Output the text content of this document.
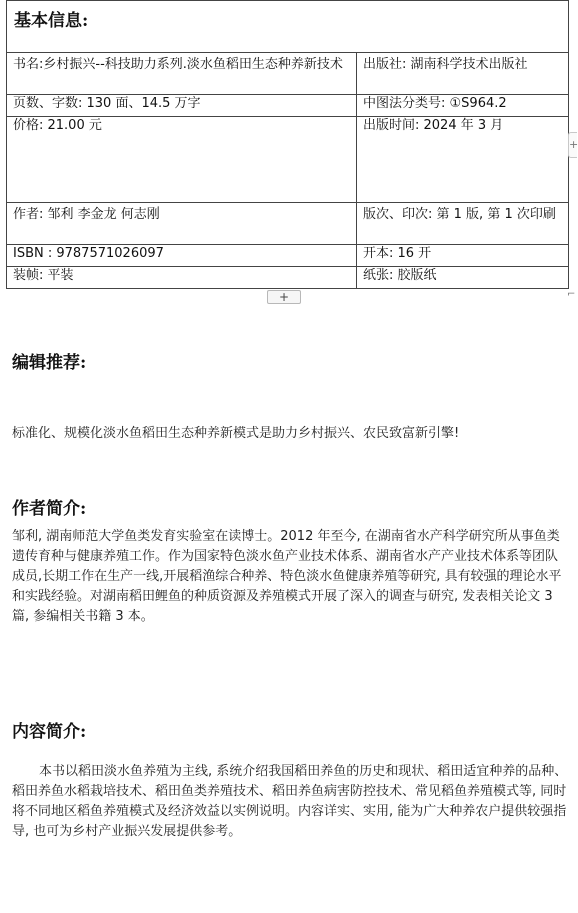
基本信息:	
书名:乡村振兴--科技助力系列.淡水鱼稻田生态种养新技术	出版社: 湖南科学技术出版社
页数、字数: 130 面、14.5 万字	中图法分类号: ①S964.2
价格: 21.00 元	出版时间: 2024 年 3 月
作者: 邹利 李金龙 何志刚	版次、印次: 第 1 版, 第 1 次印刷
ISBN : 9787571026097	开本: 16 开
装帧: 平装	纸张: 胶版纸
+
+
⌐
编辑推荐:

标准化、规模化淡水鱼稻田生态种养新模式是助力乡村振兴、农民致富新引擎!

作者简介:

邹利, 湖南师范大学鱼类发育实验室在读博士。2012 年至今, 在湖南省水产科学研究所从事鱼类遗传育种与健康养殖工作。作为国家特色淡水鱼产业技术体系、湖南省水产产业技术体系等团队成员,长期工作在生产一线,开展稻渔综合种养、特色淡水鱼健康养殖等研究, 具有较强的理论水平和实践经验。对湖南稻田鲤鱼的种质资源及养殖模式开展了深入的调查与研究, 发表相关论文 3 篇, 参编相关书籍 3 本。

内容简介:

本书以稻田淡水鱼养殖为主线, 系统介绍我国稻田养鱼的历史和现状、稻田适宜种养的品种、稻田养鱼水稻栽培技术、稻田鱼类养殖技术、稻田养鱼病害防控技术、常见稻鱼养殖模式等, 同时将不同地区稻鱼养殖模式及经济效益以实例说明。内容详实、实用, 能为广大种养农户提供较强指导, 也可为乡村产业振兴发展提供参考。
